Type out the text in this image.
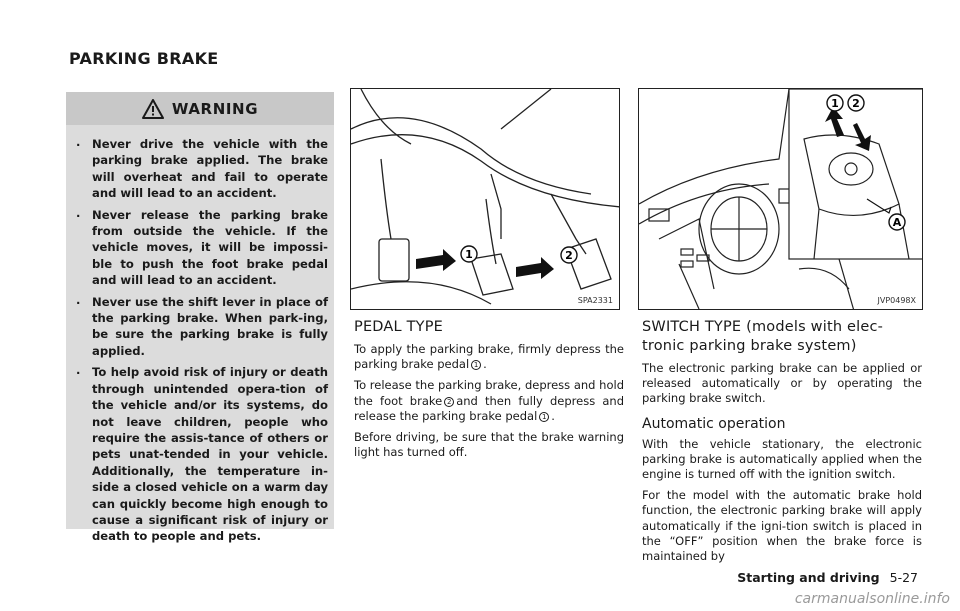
PARKING BRAKE
WARNING
. Never drive the vehicle with the parking brake applied. The brake will overheat and fail to operate and will lead to an accident.
. Never release the parking brake from outside the vehicle. If the vehicle moves, it will be impossi-ble to push the foot brake pedal and will lead to an accident.
. Never use the shift lever in place of the parking brake. When park-ing, be sure the parking brake is fully applied.
. To help avoid risk of injury or death through unintended opera-tion of the vehicle and/or its systems, do not leave children, people who require the assis-tance of others or pets unat-tended in your vehicle. Additionally, the temperature in-side a closed vehicle on a warm day can quickly become high enough to cause a significant risk of injury or death to people and pets.
1	2
SPA2331
1 2
A
JVP0498X
PEDAL TYPE

To apply the parking brake, firmly depress the parking brake pedal 1 .

To release the parking brake, depress and hold the foot brake 2 and then fully depress and release the parking brake pedal 1 .

Before driving, be sure that the brake warning light has turned off.

SWITCH TYPE (models with elec-tronic parking brake system)

The electronic parking brake can be applied or released automatically or by operating the parking brake switch.

Automatic operation

With the vehicle stationary, the electronic parking brake is automatically applied when the engine is turned off with the ignition switch.

For the model with the automatic brake hold function, the electronic parking brake will apply automatically if the igni-tion switch is placed in the “OFF” position when the brake force is maintained by

Starting and driving 5-27
carmanualsonline.info
